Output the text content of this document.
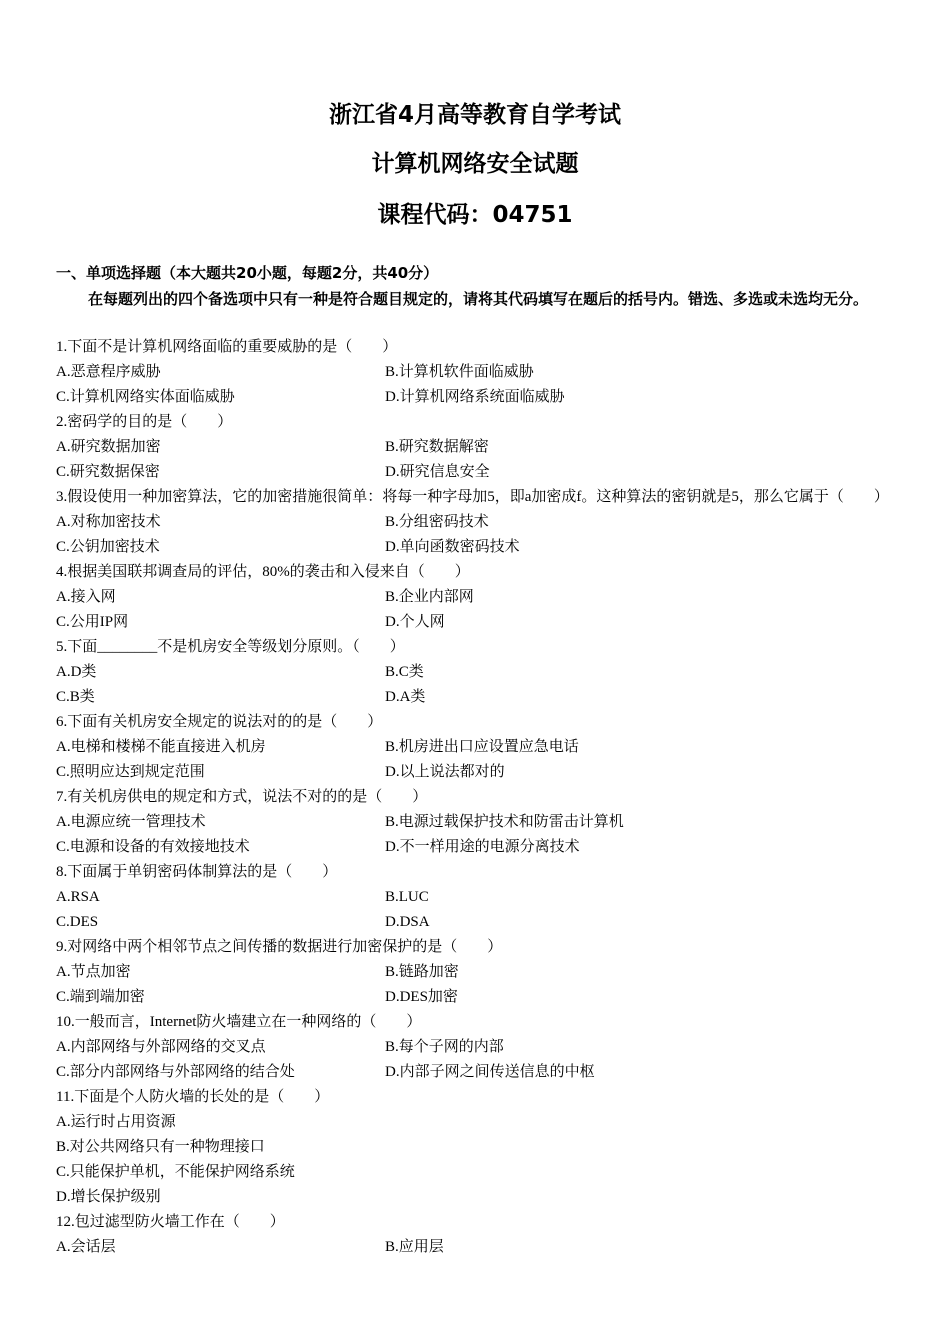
浙江省4月高等教育自学考试
计算机网络安全试题
课程代码：04751
一、单项选择题（本大题共20小题，每题2分，共40分）
在每题列出的四个备选项中只有一种是符合题目规定的，请将其代码填写在题后的括号内。错选、多选或未选均无分。
1.下面不是计算机网络面临的重要威胁的是（　　）
A.恶意程序威胁	B.计算机软件面临威胁
C.计算机网络实体面临威胁	D.计算机网络系统面临威胁
2.密码学的目的是（　　）
A.研究数据加密	B.研究数据解密
C.研究数据保密	D.研究信息安全
3.假设使用一种加密算法，它的加密措施很简单：将每一种字母加5，即a加密成f。这种算法的密钥就是5，那么它属于（　　）
A.对称加密技术	B.分组密码技术
C.公钥加密技术	D.单向函数密码技术
4.根据美国联邦调查局的评估，80%的袭击和入侵来自（　　）
A.接入网	B.企业内部网
C.公用IP网	D.个人网
5.下面________不是机房安全等级划分原则。（　　）
A.D类	B.C类
C.B类	D.A类
6.下面有关机房安全规定的说法对的的是（　　）
A.电梯和楼梯不能直接进入机房	B.机房进出口应设置应急电话
C.照明应达到规定范围	D.以上说法都对的
7.有关机房供电的规定和方式，说法不对的的是（　　）
A.电源应统一管理技术	B.电源过载保护技术和防雷击计算机
C.电源和设备的有效接地技术	D.不一样用途的电源分离技术
8.下面属于单钥密码体制算法的是（　　）
A.RSA	B.LUC
C.DES	D.DSA
9.对网络中两个相邻节点之间传播的数据进行加密保护的是（　　）
A.节点加密	B.链路加密
C.端到端加密	D.DES加密
10.一般而言，Internet防火墙建立在一种网络的（　　）
A.内部网络与外部网络的交叉点	B.每个子网的内部
C.部分内部网络与外部网络的结合处	D.内部子网之间传送信息的中枢
11.下面是个人防火墙的长处的是（　　）
A.运行时占用资源
B.对公共网络只有一种物理接口
C.只能保护单机，不能保护网络系统
D.增长保护级别
12.包过滤型防火墙工作在（　　）
A.会话层	B.应用层
